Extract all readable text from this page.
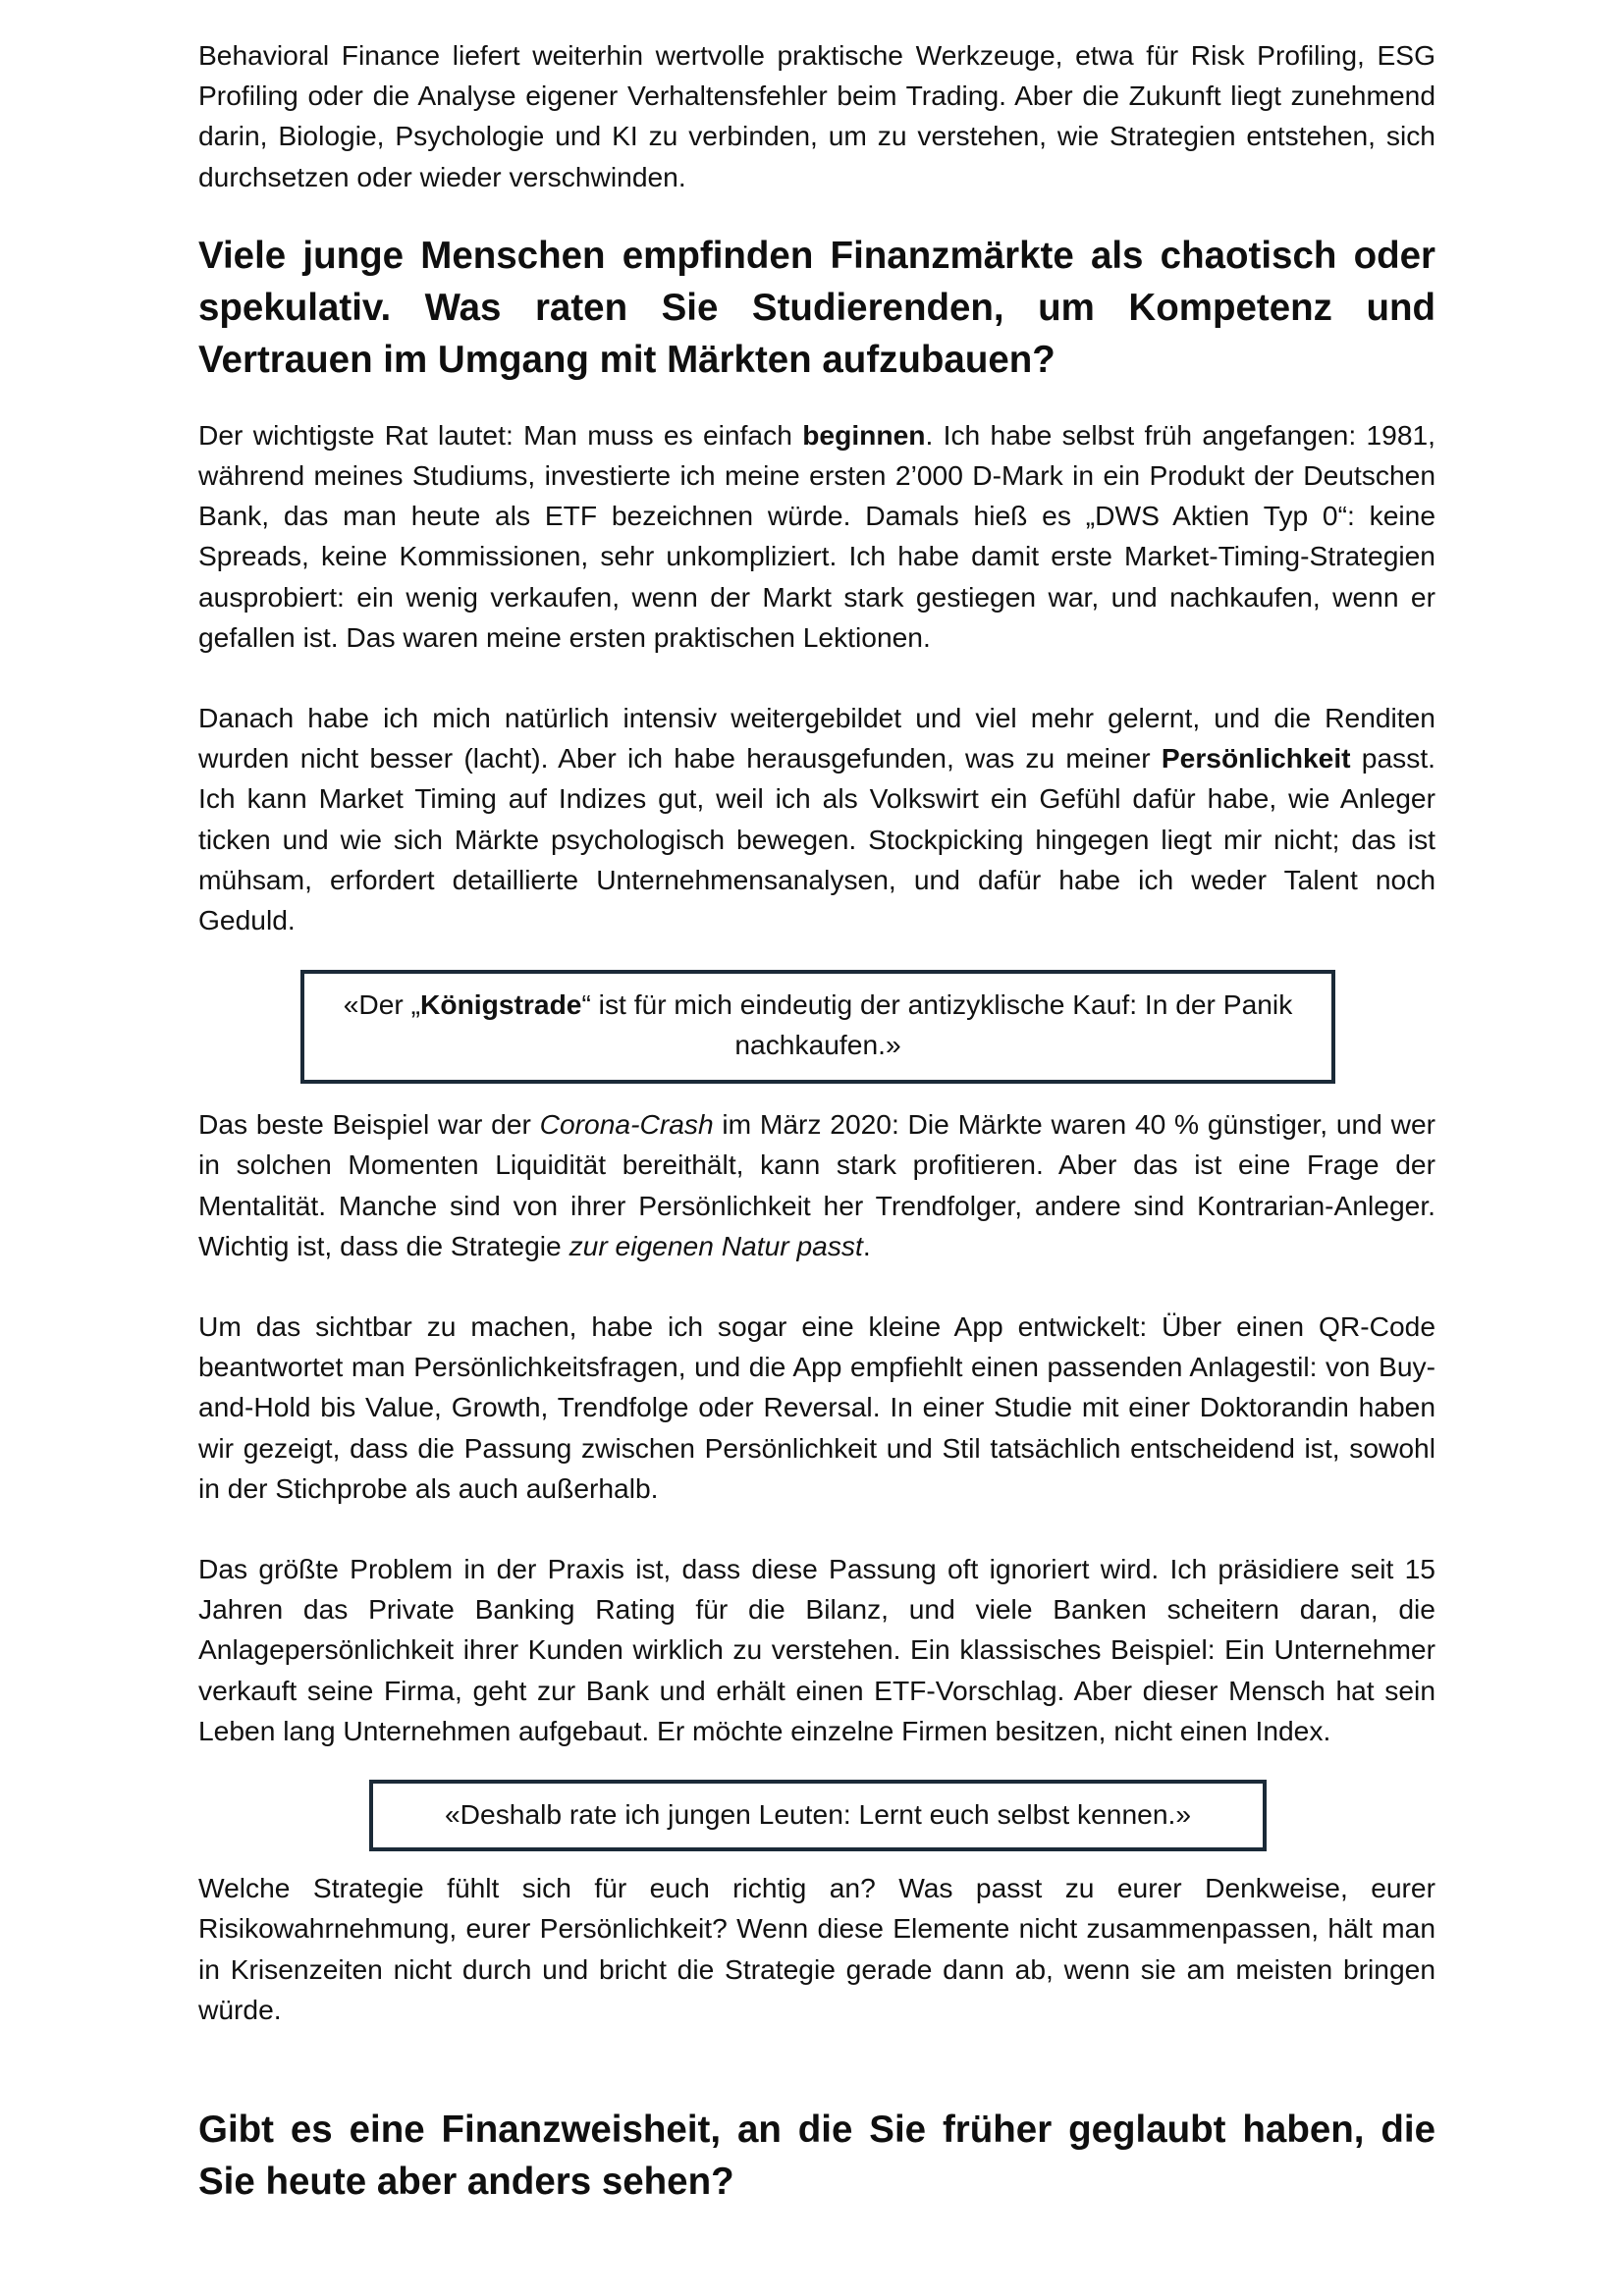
Behavioral Finance liefert weiterhin wertvolle praktische Werkzeuge, etwa für Risk Profiling, ESG Profiling oder die Analyse eigener Verhaltensfehler beim Trading. Aber die Zukunft liegt zunehmend darin, Biologie, Psychologie und KI zu verbinden, um zu verstehen, wie Strategien entstehen, sich durchsetzen oder wieder verschwinden.

Viele junge Menschen empfinden Finanzmärkte als chaotisch oder spekulativ. Was raten Sie Studierenden, um Kompetenz und Vertrauen im Umgang mit Märkten aufzubauen?

Der wichtigste Rat lautet: Man muss es einfach beginnen. Ich habe selbst früh angefangen: 1981, während meines Studiums, investierte ich meine ersten 2’000 D-Mark in ein Produkt der Deutschen Bank, das man heute als ETF bezeichnen würde. Damals hieß es „DWS Aktien Typ 0“: keine Spreads, keine Kommissionen, sehr unkompliziert. Ich habe damit erste Market-Timing-Strategien ausprobiert: ein wenig verkaufen, wenn der Markt stark gestiegen war, und nachkaufen, wenn er gefallen ist. Das waren meine ersten praktischen Lektionen.

Danach habe ich mich natürlich intensiv weitergebildet und viel mehr gelernt, und die Renditen wurden nicht besser (lacht). Aber ich habe herausgefunden, was zu meiner Persönlichkeit passt. Ich kann Market Timing auf Indizes gut, weil ich als Volkswirt ein Gefühl dafür habe, wie Anleger ticken und wie sich Märkte psychologisch bewegen. Stockpicking hingegen liegt mir nicht; das ist mühsam, erfordert detaillierte Unternehmensanalysen, und dafür habe ich weder Talent noch Geduld.

«Der „Königstrade“ ist für mich eindeutig der antizyklische Kauf: In der Panik nachkaufen.»

Das beste Beispiel war der Corona-Crash im März 2020: Die Märkte waren 40 % günstiger, und wer in solchen Momenten Liquidität bereithält, kann stark profitieren. Aber das ist eine Frage der Mentalität. Manche sind von ihrer Persönlichkeit her Trendfolger, andere sind Kontrarian-Anleger. Wichtig ist, dass die Strategie zur eigenen Natur passt.

Um das sichtbar zu machen, habe ich sogar eine kleine App entwickelt: Über einen QR-Code beantwortet man Persönlichkeitsfragen, und die App empfiehlt einen passenden Anlagestil: von Buy-and-Hold bis Value, Growth, Trendfolge oder Reversal. In einer Studie mit einer Doktorandin haben wir gezeigt, dass die Passung zwischen Persönlichkeit und Stil tatsächlich entscheidend ist, sowohl in der Stichprobe als auch außerhalb.

Das größte Problem in der Praxis ist, dass diese Passung oft ignoriert wird. Ich präsidiere seit 15 Jahren das Private Banking Rating für die Bilanz, und viele Banken scheitern daran, die Anlagepersönlichkeit ihrer Kunden wirklich zu verstehen. Ein klassisches Beispiel: Ein Unternehmer verkauft seine Firma, geht zur Bank und erhält einen ETF-Vorschlag. Aber dieser Mensch hat sein Leben lang Unternehmen aufgebaut. Er möchte einzelne Firmen besitzen, nicht einen Index.

«Deshalb rate ich jungen Leuten: Lernt euch selbst kennen.»

Welche Strategie fühlt sich für euch richtig an? Was passt zu eurer Denkweise, eurer Risikowahrnehmung, eurer Persönlichkeit? Wenn diese Elemente nicht zusammenpassen, hält man in Krisenzeiten nicht durch und bricht die Strategie gerade dann ab, wenn sie am meisten bringen würde.

Gibt es eine Finanzweisheit, an die Sie früher geglaubt haben, die Sie heute aber anders sehen?
